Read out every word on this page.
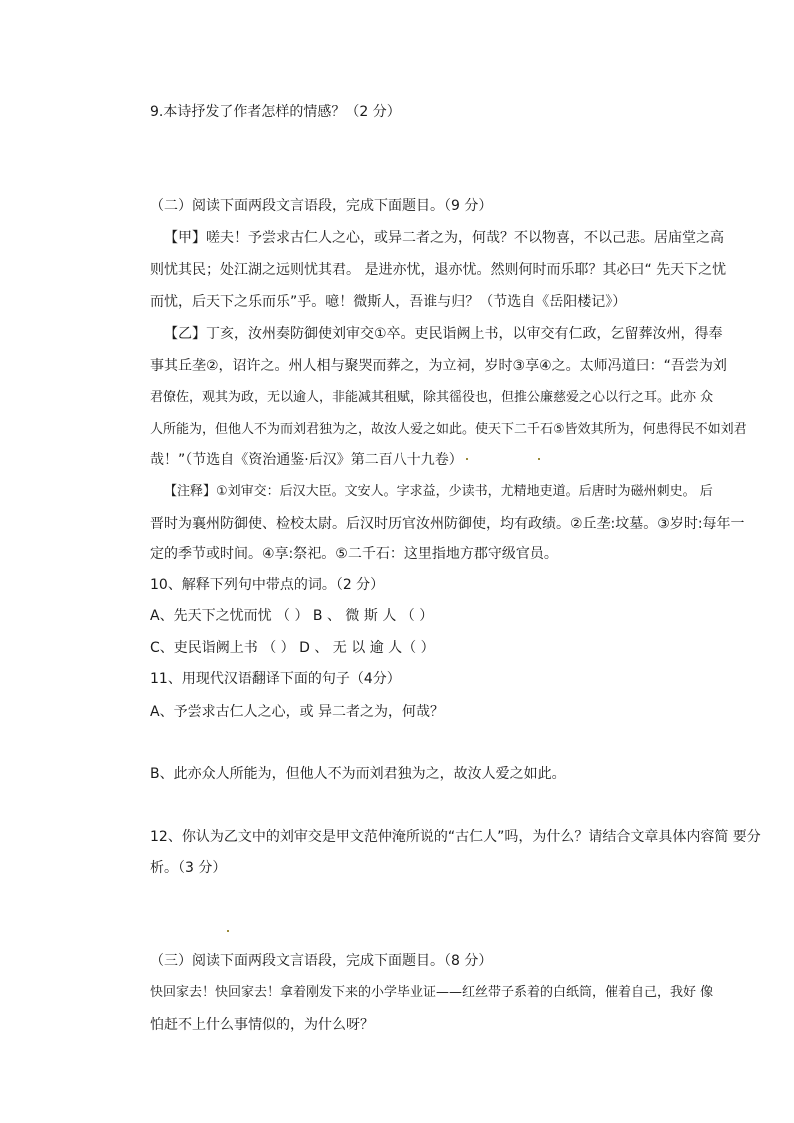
9.本诗抒发了作者怎样的情感？（2 分）
（二）阅读下面两段文言语段，完成下面题目。（9 分）
【甲】嗟夫！予尝求古仁人之心，或异二者之为，何哉？不以物喜，不以己悲。居庙堂之高
则忧其民；处江湖之远则忧其君。 是进亦忧，退亦忧。然则何时而乐耶？其必曰“ 先天下之忧
而忧，后天下之乐而乐”乎。噫！微斯人，吾谁与归？（节选自《岳阳楼记》）
【乙】丁亥，汝州奏防御使刘审交①卒。吏民诣阙上书，以审交有仁政，乞留葬汝州，得奉
事其丘垄②，诏许之。州人相与聚哭而葬之，为立祠，岁时③享④之。太师冯道曰：“吾尝为刘
君僚佐，观其为政，无以逾人，非能减其租赋，除其徭役也，但推公廉慈爱之心以行之耳。此亦 众
人所能为，但他人不为而刘君独为之，故汝人爱之如此。使天下二千石⑤皆效其所为，何患得民不如刘君
哉！”（节选自《资治通鉴·后汉》第二百八十九卷）
【注释】①刘审交：后汉大臣。文安人。字求益，少读书，尤精地吏道。后唐时为磁州刺史。 后
晋时为襄州防御使、检校太尉。后汉时历官汝州防御使，均有政绩。②丘垄:坟墓。③岁时:每年一
定的季节或时间。④享:祭祀。⑤二千石：这里指地方郡守级官员。
10、解释下列句中带点的词。（2 分）
A、先天下之忧而忧 （ ） B 、 微 斯 人 （ ）
C、吏民诣阙上书 （ ） D 、 无 以 逾 人（ ）
11、用现代汉语翻译下面的句子（4分）
A、予尝求古仁人之心，或 异二者之为，何哉？
B、此亦众人所能为，但他人不为而刘君独为之，故汝人爱之如此。
12、你认为乙文中的刘审交是甲文范仲淹所说的“古仁人”吗，为什么？请结合文章具体内容简 要分
析。（3 分）
（三）阅读下面两段文言语段，完成下面题目。（8 分）
快回家去！快回家去！拿着刚发下来的小学毕业证——红丝带子系着的白纸筒，催着自己，我好 像
怕赶不上什么事情似的，为什么呀？
